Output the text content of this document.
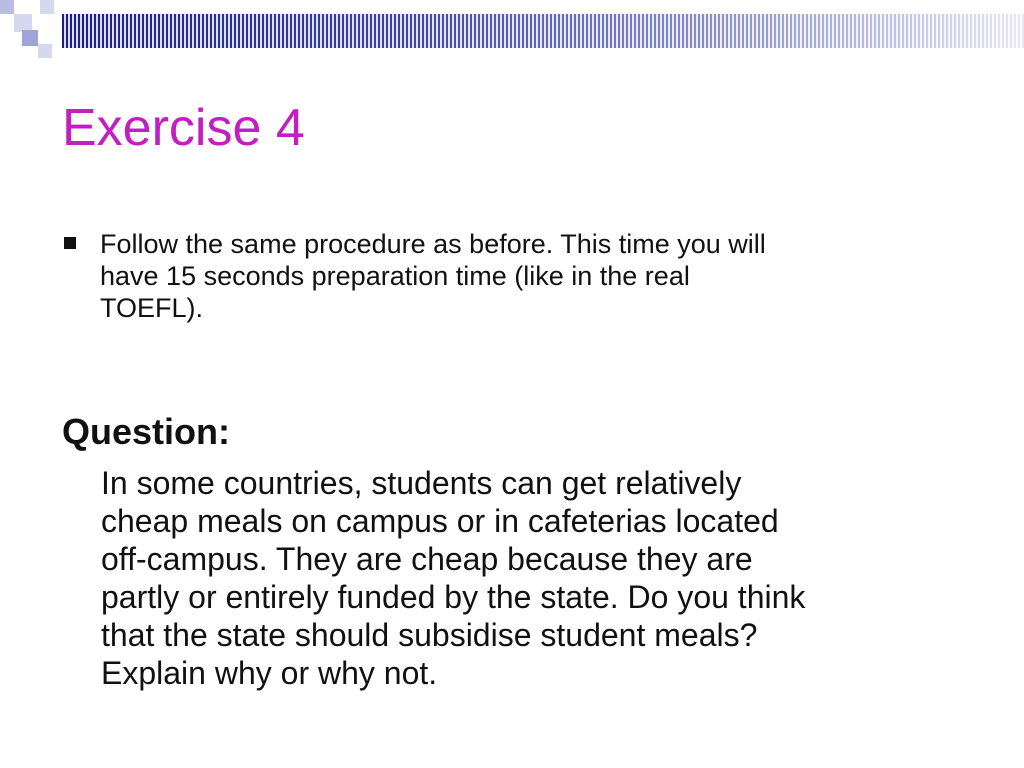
Exercise 4

Follow the same procedure as before. This time you will
have 15 seconds preparation time (like in the real
TOEFL).

Question:

In some countries, students can get relatively
cheap meals on campus or in cafeterias located
off-campus. They are cheap because they are
partly or entirely funded by the state. Do you think
that the state should subsidise student meals?
Explain why or why not.
